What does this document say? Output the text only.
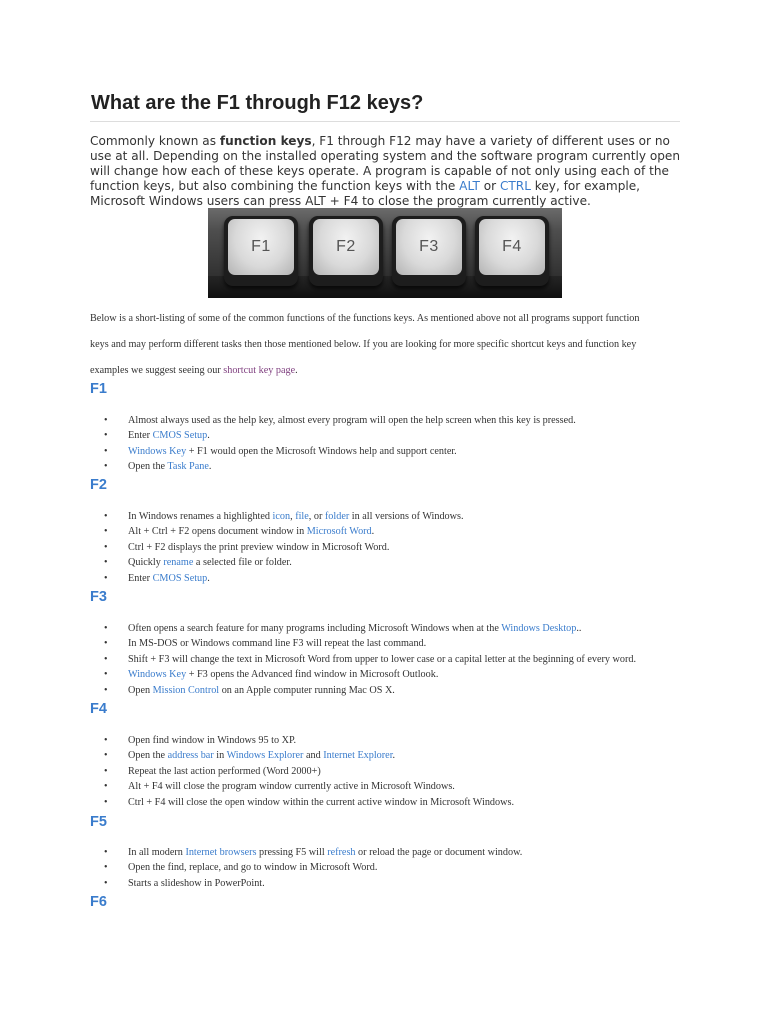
What are the F1 through F12 keys?
Commonly known as function keys, F1 through F12 may have a variety of different uses or no use at all. Depending on the installed operating system and the software program currently open will change how each of these keys operate. A program is capable of not only using each of the function keys, but also combining the function keys with the ALT or CTRL key, for example, Microsoft Windows users can press ALT + F4 to close the program currently active.
F1	F2	F3	F4
Below is a short-listing of some of the common functions of the functions keys. As mentioned above not all programs support function
keys and may perform different tasks then those mentioned below. If you are looking for more specific shortcut keys and function key
examples we suggest seeing our shortcut key page.
F1
• Almost always used as the help key, almost every program will open the help screen when this key is pressed.
• Enter CMOS Setup.
• Windows Key + F1 would open the Microsoft Windows help and support center.
• Open the Task Pane.
F2
• In Windows renames a highlighted icon, file, or folder in all versions of Windows.
• Alt + Ctrl + F2 opens document window in Microsoft Word.
• Ctrl + F2 displays the print preview window in Microsoft Word.
• Quickly rename a selected file or folder.
• Enter CMOS Setup.
F3
• Often opens a search feature for many programs including Microsoft Windows when at the Windows Desktop..
• In MS-DOS or Windows command line F3 will repeat the last command.
• Shift + F3 will change the text in Microsoft Word from upper to lower case or a capital letter at the beginning of every word.
• Windows Key + F3 opens the Advanced find window in Microsoft Outlook.
• Open Mission Control on an Apple computer running Mac OS X.
F4
• Open find window in Windows 95 to XP.
• Open the address bar in Windows Explorer and Internet Explorer.
• Repeat the last action performed (Word 2000+)
• Alt + F4 will close the program window currently active in Microsoft Windows.
• Ctrl + F4 will close the open window within the current active window in Microsoft Windows.
F5
• In all modern Internet browsers pressing F5 will refresh or reload the page or document window.
• Open the find, replace, and go to window in Microsoft Word.
• Starts a slideshow in PowerPoint.
F6
